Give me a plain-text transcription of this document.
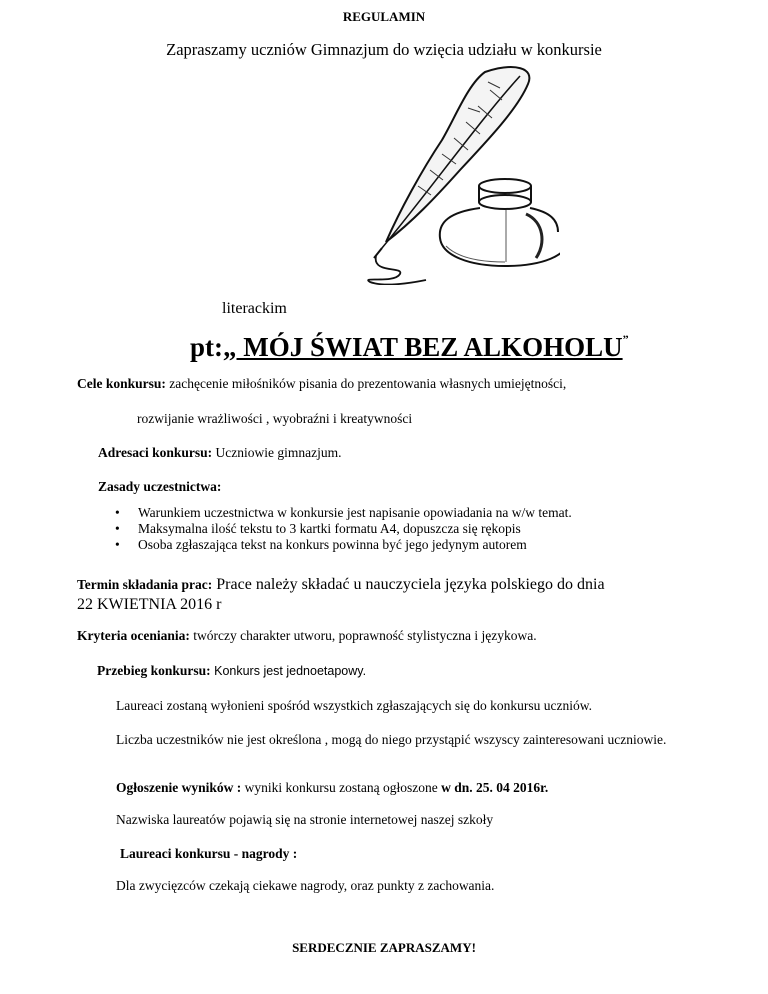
REGULAMIN
Zapraszamy uczniów Gimnazjum do wzięcia udziału w konkursie
literackim
pt:„ MÓJ ŚWIAT BEZ ALKOHOLU”
Cele konkursu: zachęcenie miłośników pisania do prezentowania własnych umiejętności,
rozwijanie wrażliwości , wyobraźni i kreatywności
Adresaci konkursu: Uczniowie gimnazjum.
Zasady uczestnictwa:
• Warunkiem uczestnictwa w konkursie jest napisanie opowiadania na w/w temat.
• Maksymalna ilość tekstu to 3 kartki formatu A4, dopuszcza się rękopis
• Osoba zgłaszająca tekst na konkurs powinna być jego jedynym autorem
Termin składania prac: Prace należy składać u nauczyciela języka polskiego do dnia
22 KWIETNIA 2016 r
Kryteria oceniania: twórczy charakter utworu, poprawność stylistyczna i językowa.
Przebieg konkursu: Konkurs jest jednoetapowy.
Laureaci zostaną wyłonieni spośród wszystkich zgłaszających się do konkursu uczniów.
Liczba uczestników nie jest określona , mogą do niego przystąpić wszyscy zainteresowani uczniowie.
Ogłoszenie wyników : wyniki konkursu zostaną ogłoszone w dn. 25. 04 2016r.
Nazwiska laureatów pojawią się na stronie internetowej naszej szkoły
Laureaci konkursu - nagrody :
Dla zwycięzców czekają ciekawe nagrody, oraz punkty z zachowania.
SERDECZNIE ZAPRASZAMY!
